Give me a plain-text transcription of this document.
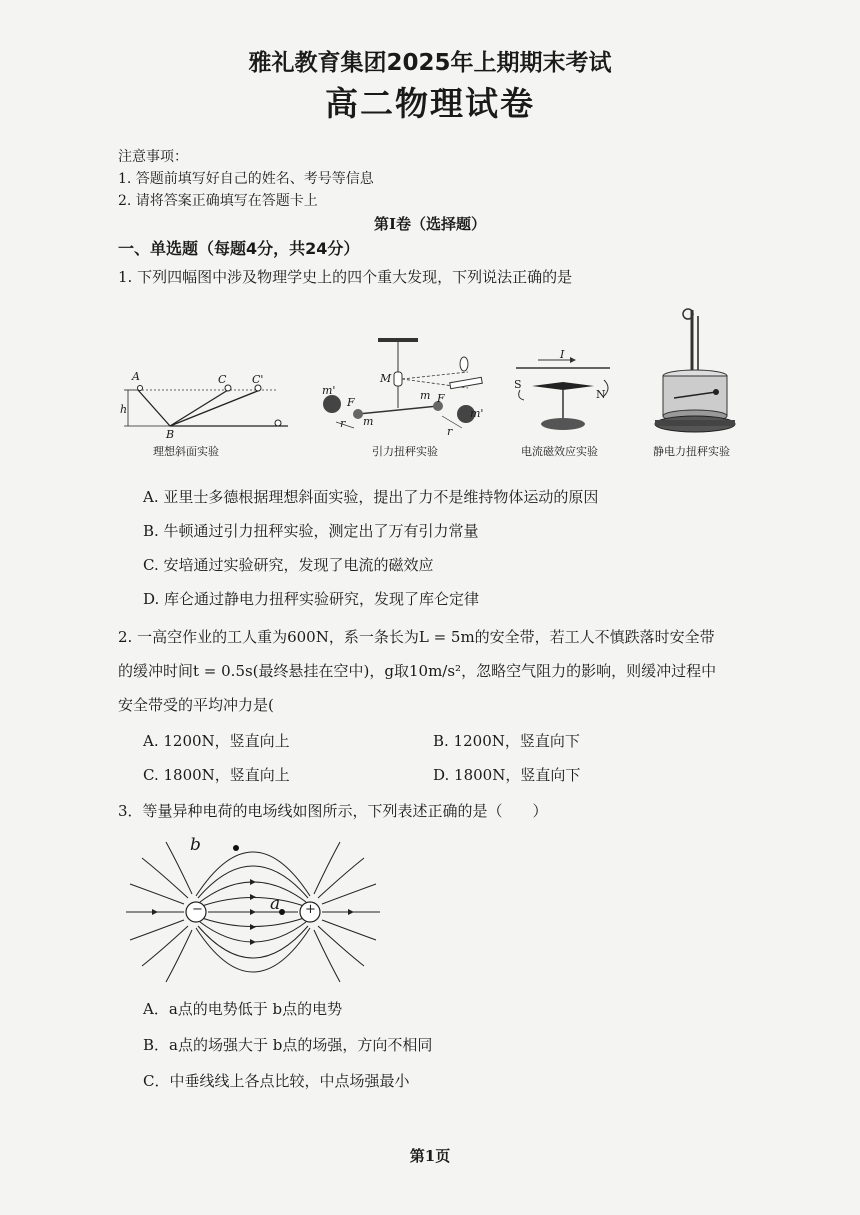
雅礼教育集团2025年上期期末考试
高二物理试卷
注意事项：
1. 答题前填写好自己的姓名、考号等信息
2. 请将答案正确填写在答题卡上
第Ⅰ卷（选择题）
一、单选题（每题4分，共24分）
1. 下列四幅图中涉及物理学史上的四个重大发现，下列说法正确的是
A	C C'
B
h
理想斜面实验
m'
F
r m
M
m F
m'
r
引力扭秤实验
I
S
N
电流磁效应实验	静电力扭秤实验
A. 亚里士多德根据理想斜面实验，提出了力不是维持物体运动的原因
B. 牛顿通过引力扭秤实验，测定出了万有引力常量
C. 安培通过实验研究，发现了电流的磁效应
D. 库仑通过静电力扭秤实验研究，发现了库仑定律
2. 一高空作业的工人重为600N，系一条长为L = 5m的安全带，若工人不慎跌落时安全带
的缓冲时间t = 0.5s(最终悬挂在空中)，g取10m/s²，忽略空气阻力的影响，则缓冲过程中
安全带受的平均冲力是(
A. 1200N，竖直向上	B. 1200N，竖直向下
C. 1800N，竖直向上	D. 1800N，竖直向下
3．等量异种电荷的电场线如图所示，下列表述正确的是（　　）
b
a
−	+
A．a点的电势低于 b点的电势
B．a点的场强大于 b点的场强，方向不相同
C．中垂线线上各点比较，中点场强最小
第1页
